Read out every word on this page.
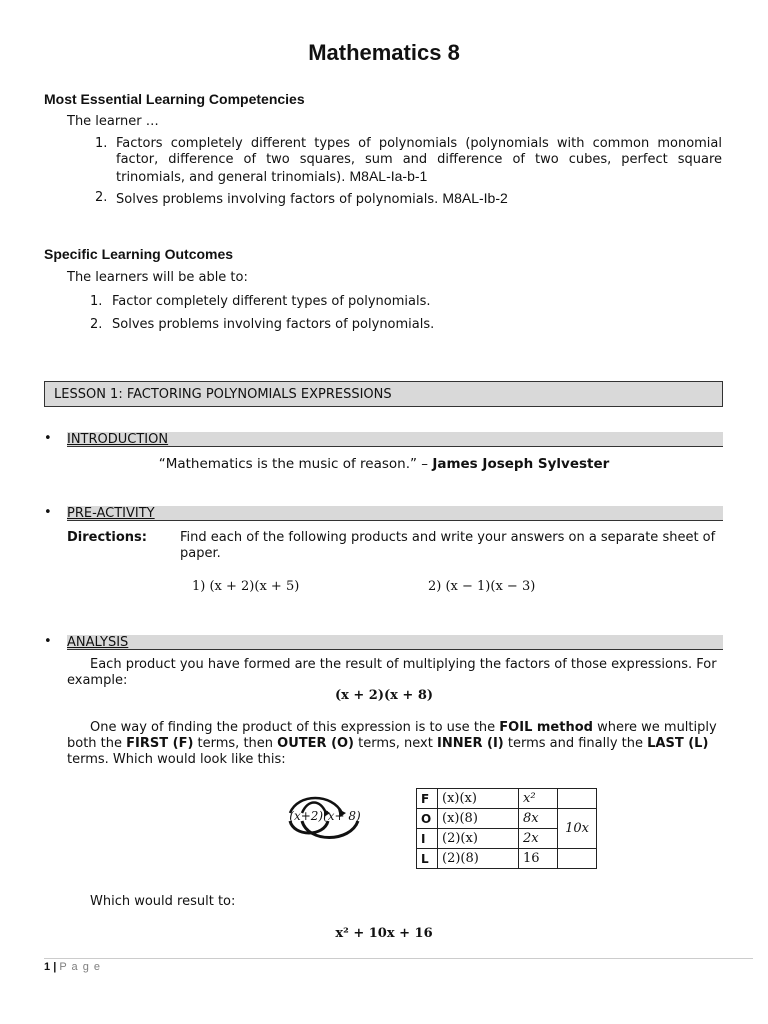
Mathematics 8
Most Essential Learning Competencies
The learner …
1. Factors completely different types of polynomials (polynomials with common monomial factor, difference of two squares, sum and difference of two cubes, perfect square trinomials, and general trinomials). M8AL-Ia-b-1
2. Solves problems involving factors of polynomials. M8AL-Ib-2
Specific Learning Outcomes
The learners will be able to:
1. Factor completely different types of polynomials.
2. Solves problems involving factors of polynomials.
LESSON 1: FACTORING POLYNOMIALS EXPRESSIONS
• INTRODUCTION
“Mathematics is the music of reason.” – James Joseph Sylvester
• PRE-ACTIVITY
Directions:	Find each of the following products and write your answers on a separate sheet of paper.
1) (x + 2)(x + 5)	2) (x − 1)(x − 3)
• ANALYSIS
Each product you have formed are the result of multiplying the factors of those expressions. For example:
(x + 2)(x + 8)
One way of finding the product of this expression is to use the FOIL method where we multiply both the FIRST (F) terms, then OUTER (O) terms, next INNER (I) terms and finally the LAST (L) terms. Which would look like this:
(x+2)(x+ 8)
F	(x)(x)	x²	
O	(x)(8)	8x	10x
I	(2)(x)	2x	
L	(2)(8)	16	
Which would result to:
x² + 10x + 16
1 | P a g e
